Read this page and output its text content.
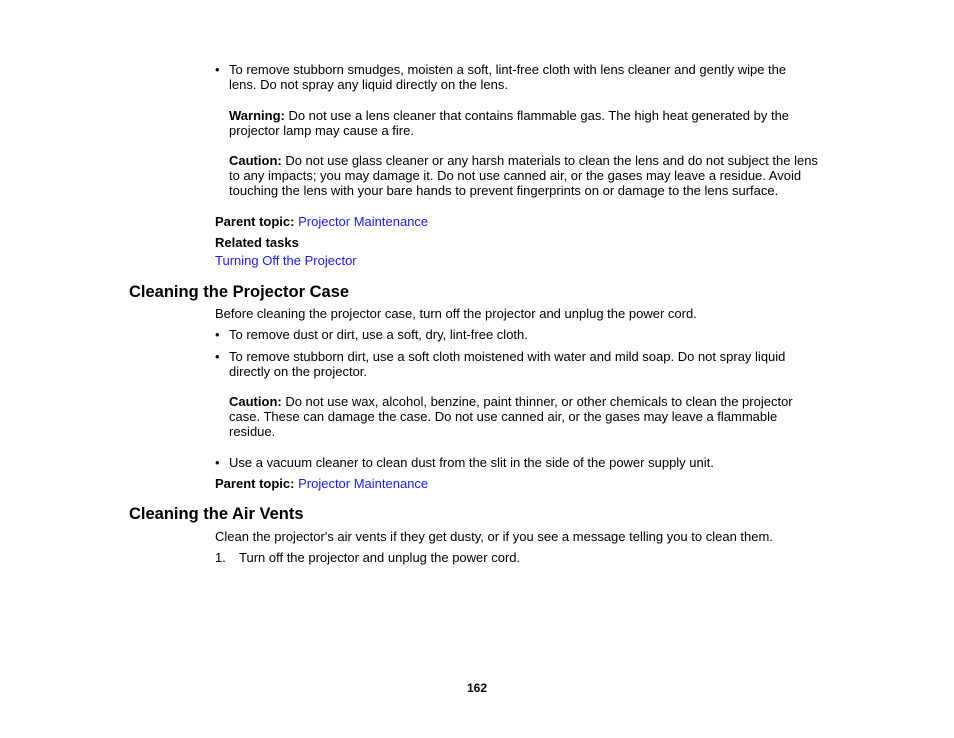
• To remove stubborn smudges, moisten a soft, lint-free cloth with lens cleaner and gently wipe the lens. Do not spray any liquid directly on the lens.
Warning: Do not use a lens cleaner that contains flammable gas. The high heat generated by the projector lamp may cause a fire.
Caution: Do not use glass cleaner or any harsh materials to clean the lens and do not subject the lens to any impacts; you may damage it. Do not use canned air, or the gases may leave a residue. Avoid touching the lens with your bare hands to prevent fingerprints on or damage to the lens surface.
Parent topic: Projector Maintenance
Related tasks
Turning Off the Projector
Cleaning the Projector Case
Before cleaning the projector case, turn off the projector and unplug the power cord.
• To remove dust or dirt, use a soft, dry, lint-free cloth.
• To remove stubborn dirt, use a soft cloth moistened with water and mild soap. Do not spray liquid directly on the projector.
Caution: Do not use wax, alcohol, benzine, paint thinner, or other chemicals to clean the projector case. These can damage the case. Do not use canned air, or the gases may leave a flammable residue.
• Use a vacuum cleaner to clean dust from the slit in the side of the power supply unit.
Parent topic: Projector Maintenance
Cleaning the Air Vents
Clean the projector's air vents if they get dusty, or if you see a message telling you to clean them.
1. Turn off the projector and unplug the power cord.
162
